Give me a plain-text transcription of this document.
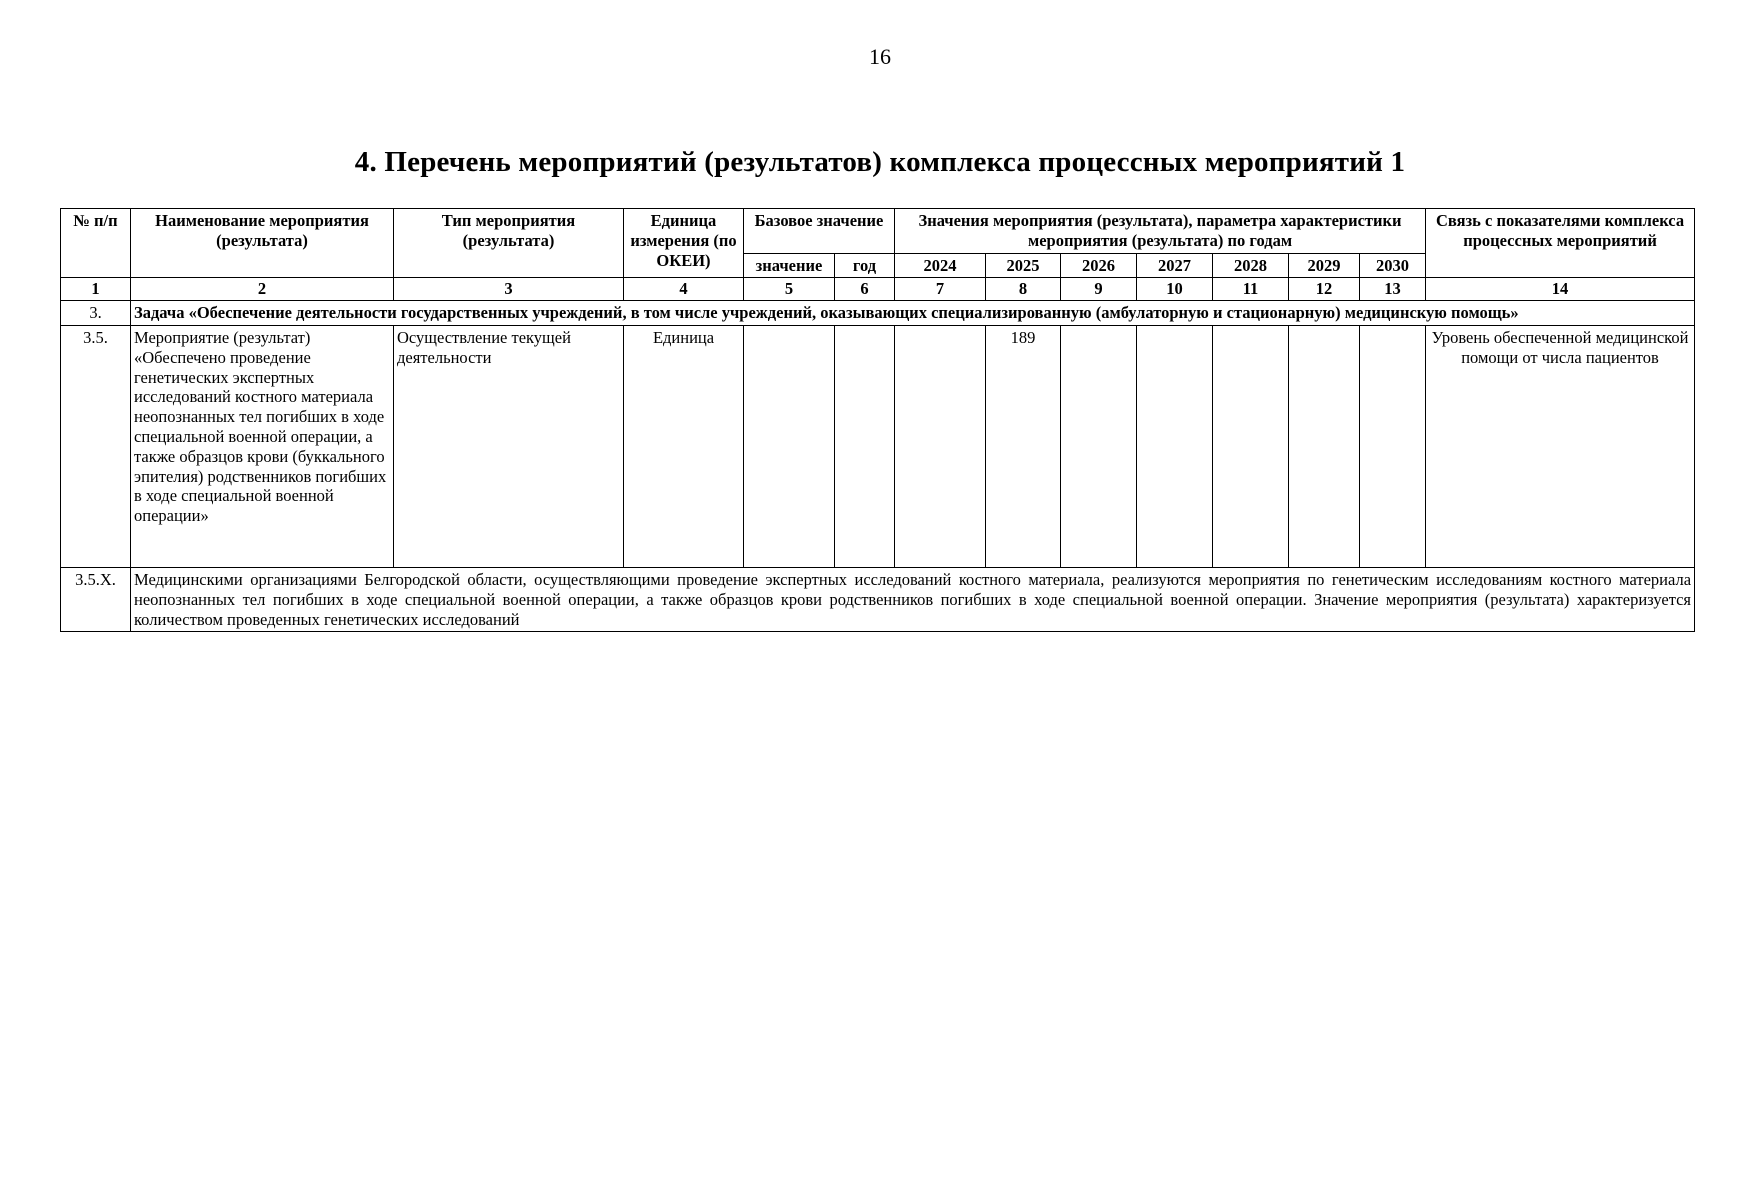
16
4. Перечень мероприятий (результатов) комплекса процессных мероприятий 1
№ п/п	Наименование мероприятия (результата)	Тип мероприятия (результата)	Единица измерения (по ОКЕИ)	Базовое значение		Значения мероприятия (результата), параметра характеристики мероприятия (результата) по годам							Связь с показателями комплекса процессных мероприятий
				значение	год	2024	2025	2026	2027	2028	2029	2030	
1	2	3	4	5	6	7	8	9	10	11	12	13	14
3.	Задача «Обеспечение деятельности государственных учреждений, в том числе учреждений, оказывающих специализированную (амбулаторную и стационарную) медицинскую помощь»												
3.5.	Мероприятие (результат) «Обеспечено проведение генетических экспертных исследований костного материала неопознанных тел погибших в ходе специальной военной операции, а также образцов крови (буккального эпителия) родственников погибших в ходе специальной военной операции»	Осуществление текущей деятельности	Единица				189						Уровень обеспеченной медицинской помощи от числа пациентов
3.5.Х.	Медицинскими организациями Белгородской области, осуществляющими проведение экспертных исследований костного материала, реализуются мероприятия по генетическим исследованиям костного материала неопознанных тел погибших в ходе специальной военной операции, а также образцов крови родственников погибших в ходе специальной военной операции. Значение мероприятия (результата) характеризуется количеством проведенных генетических исследований												
